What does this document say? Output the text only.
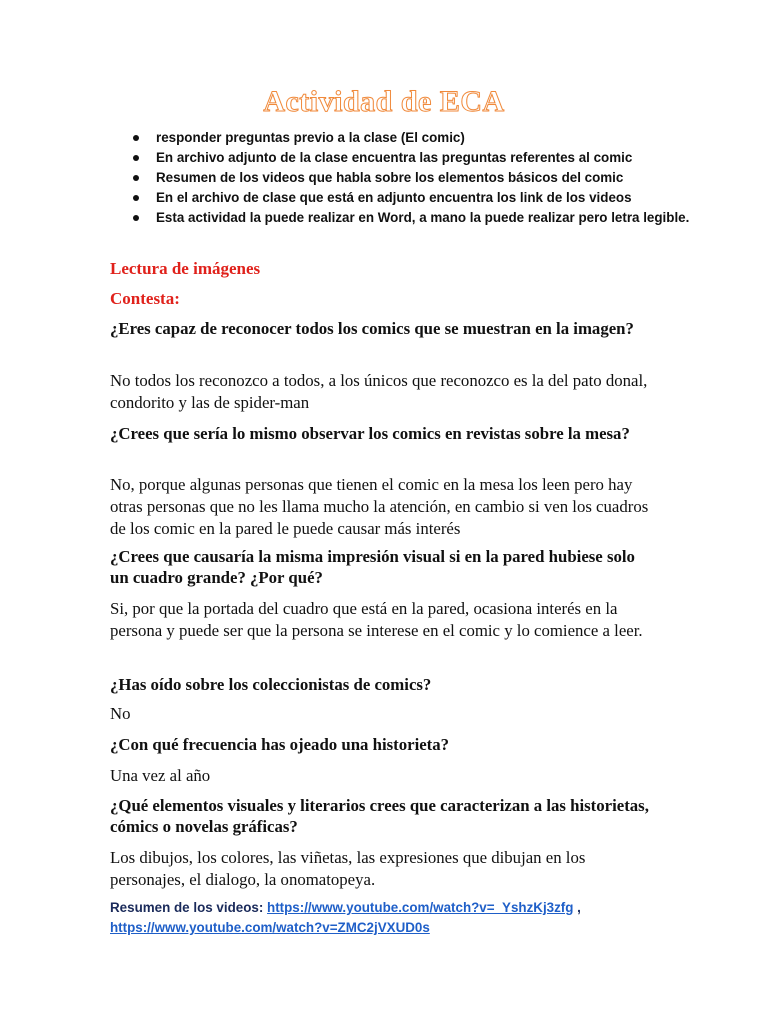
Actividad de ECA
responder preguntas previo a la clase (El comic)
En archivo adjunto de la clase encuentra las preguntas referentes al comic
Resumen de los videos que habla sobre los elementos básicos del comic
En el archivo de clase que está en adjunto encuentra los link de los videos
Esta actividad la puede realizar en Word, a mano la puede realizar pero letra legible.
Lectura de imágenes
Contesta:
¿Eres capaz de reconocer todos los comics que se muestran en la imagen?
No todos los reconozco a todos, a los únicos que reconozco es la del pato donal, condorito y las de spider-man
¿Crees que sería lo mismo observar los comics en revistas sobre la mesa?
No, porque algunas personas que tienen el comic en la mesa los leen pero hay otras personas que no les llama mucho la atención, en cambio si ven los cuadros de los comic en la pared le puede causar más interés
¿Crees que causaría la misma impresión visual si en la pared hubiese solo un cuadro grande? ¿Por qué?
Si, por que la portada del cuadro que está en la pared, ocasiona interés en la persona y puede ser que la persona se interese en el comic y lo comience a leer.
¿Has oído sobre los coleccionistas de comics?
No
¿Con qué frecuencia has ojeado una historieta?
Una vez al año
¿Qué elementos visuales y literarios crees que caracterizan a las historietas, cómics o novelas gráficas?
Los dibujos, los colores, las viñetas, las expresiones que dibujan en los personajes, el dialogo, la onomatopeya.
Resumen de los videos: https://www.youtube.com/watch?v=_YshzKj3zfg ,
https://www.youtube.com/watch?v=ZMC2jVXUD0s
